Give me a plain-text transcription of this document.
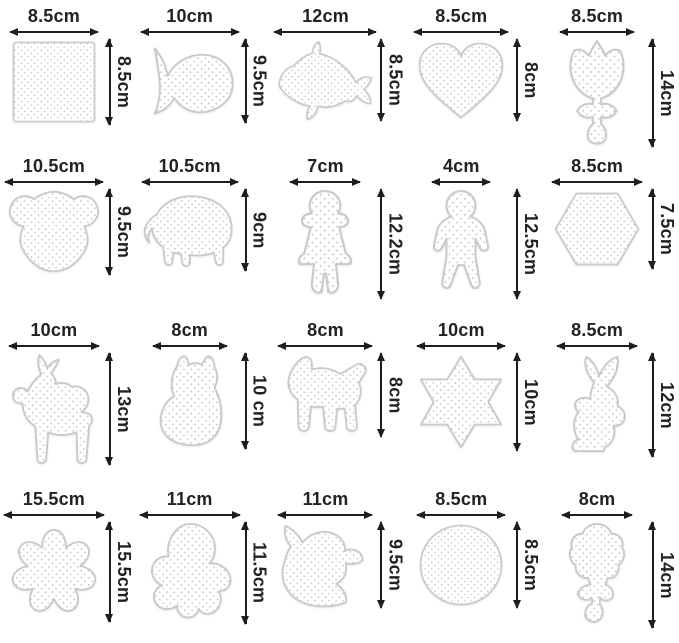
8.5cm
8.5cm
10cm
9.5cm
12cm
8.5cm
8.5cm
8cm
8.5cm
14cm
10.5cm
9.5cm
10.5cm
9cm
7cm
12.2cm
4cm
12.5cm
8.5cm
7.5cm
10cm
13cm
8cm
10 cm
8cm
8cm
10cm
10cm
8.5cm
12cm
15.5cm
15.5cm
11cm
11.5cm
11cm
9.5cm
8.5cm
8.5cm
8cm
14cm
